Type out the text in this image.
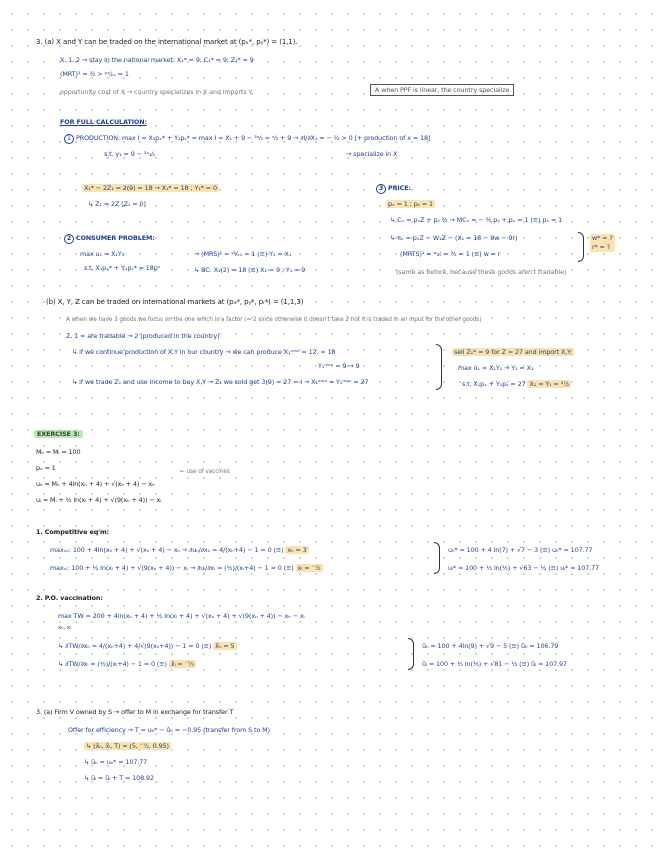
3. (a) X and Y can be traded on the international market at (pₓ*, pᵧ*) = (1,1).
X, 1, 2 → stay in the national market: X₁* = 9; C₁* = 9; Z₁* = 9
(MRT)¹ = ³⁄₂ > ᵖˣ⁄ₚᵧ = 1
opportunity cost of X → country specializes in X and imports Y	A when PPF is linear, the country specialize
FOR FULL CALCULATION:
1 PRODUCTION: max I = X₁pₓ* + Y₁pᵧ* = max I = X₁ + 9 − ³ˣ⁄₂ = ˣ⁄₂ + 9 → ∂I/∂X₁ = − ¹⁄₂ > 0 [+ production of x = 18]
s.t. y₁ = 9 − ³ˣ₁⁄₂	→ specialize in X
X₁* − 2Z₁ = 2(9) = 18 → X₁* = 18 ; Y₁* = 0
↳ Z₁ = 2Z [Z₁ = 0]
2 CONSUMER PROBLEM:
max u₁ = X₁Y₁
s.t. X₁pₓ* + Y₁pᵧ* = 18pˣ
→ (MRS)¹ = ʸ¹⁄ₓ₁ = 1 (≡) Y₁ = X₁
↳ BC: X₁(2) = 18 (≡) X₁ = 9 ; Y₁ = 9
3 PRICE:
pₓ = 1 ; pᵧ = 1
↳ Cₓ = pₓZ + pᵧ ³⁄₂ → MCₓ = − ³⁄₂ pᵧ + pₓ = 1 (≡) pₓ = 1
↳ πₓ = pₓZ − W₁Z − (X₁ = 18 − 9w − 9r)
(MRTS)¹ = ʷ₁⁄ᵣ = ³⁄₂ = 1 (≡) w = r
w* = ?
r* = ?
(same as before, because these goods aren't tradable)
(b) X, Y, Z can be traded on international markets at (pₓ*, pᵧ*, pᵣ*) = (1,1,3)
A when we have 3 goods we focus on the one which is a factor (= 2 since otherwise it doesn't take 2 hot it is traded in an input for the other goods)
Z, 1 = are tradable → 2 (produced in the country)
↳ if we continue production of X,Y in our country → we can produce X₁ᵐᵃˣ = 12, = 18
Y₁ᵐᵃˣ = 9 → 9
↳ if we trade Z₁ and use income to buy X,Y → Z₁ we sold get 3(9) = 27 = I → X₁ᵐᵃˣ = Y₁ᵐᵃˣ = 27
sell Z₁* = 9 for Z = 27 and import X,Y:
max u₁ = X₁Y₁ → Y₁ = X₁
s.t. X₁pₓ + Y₁pᵧ = 27 X₁ = Y₁ = ²⁷⁄₂
EXERCISE 3:
Mₕ = Mₗ = 100
pₓ = 1
uₕ = Mₕ + 4ln(xₕ + 4) + √(xₕ + 4) − xₕ
← use of vaccines
uₗ = Mₗ + ¹⁄₂ ln(xₗ + 4) + √(9(xₕ + 4)) − xₗ
1. Competitive eq'm:
maxₓₕ: 100 + 4ln(xₕ + 4) + √(xₕ + 4) − xₕ → ∂uₕ/∂xₕ = 4/(xₕ+4) − 1 = 0 (≡) xₕ = 3
maxₓₗ: 100 + ¹⁄₂ ln(xₗ + 4) + √(9(xₕ + 4)) − xₗ → ∂uₗ/∂xₗ = (¹⁄₂)/(xₗ+4) − 1 = 0 (≡) xₗ = ⁻⁷⁄₂
uₕ* = 100 + 4 ln(7) + √7 − 3 (≡) uₕ* = 107.77
uₗ* = 100 + ¹⁄₂ ln(¹⁄₂) + √63 − ¹⁄₂ (≡) uₗ* = 107.77
2. P.O. vaccination:
max TW = 200 + 4ln(xₕ + 4) + ¹⁄₂ ln(xₗ + 4) + √(xₕ + 4) + √(9(xₕ + 4)) − xₕ − xₗ
xₕ, xₗ
↳ ∂TW/∂xₕ = 4/(xₕ+4) + 4/√(9(xₕ+4)) − 1 = 0 (≡) x̂ₕ = 5
↳ ∂TW/∂xₗ = (¹⁄₂)/(xₗ+4) − 1 = 0 (≡) x̂ₗ = ⁻⁷⁄₂
ûₕ = 100 + 4ln(9) + √9 − 5 (≡) ûₕ = 106.79
ûₗ = 100 + ¹⁄₂ ln(¹⁄₂) + √81 − ¹⁄₂ (≡) ûₗ = 107.97
3. (a) Firm V owned by S → offer to M in exchange for transfer T
Offer for efficiency → T = uₕ* − ûₕ = −0.95 (transfer from S to M)
↳ (x̂ₕ, x̂ₗ, T) = (5, ⁻⁷⁄₂, 0.95)
↳ ûₕ = uₕ* = 107.77
↳ ûₗ = ûₗ + T = 108.92
